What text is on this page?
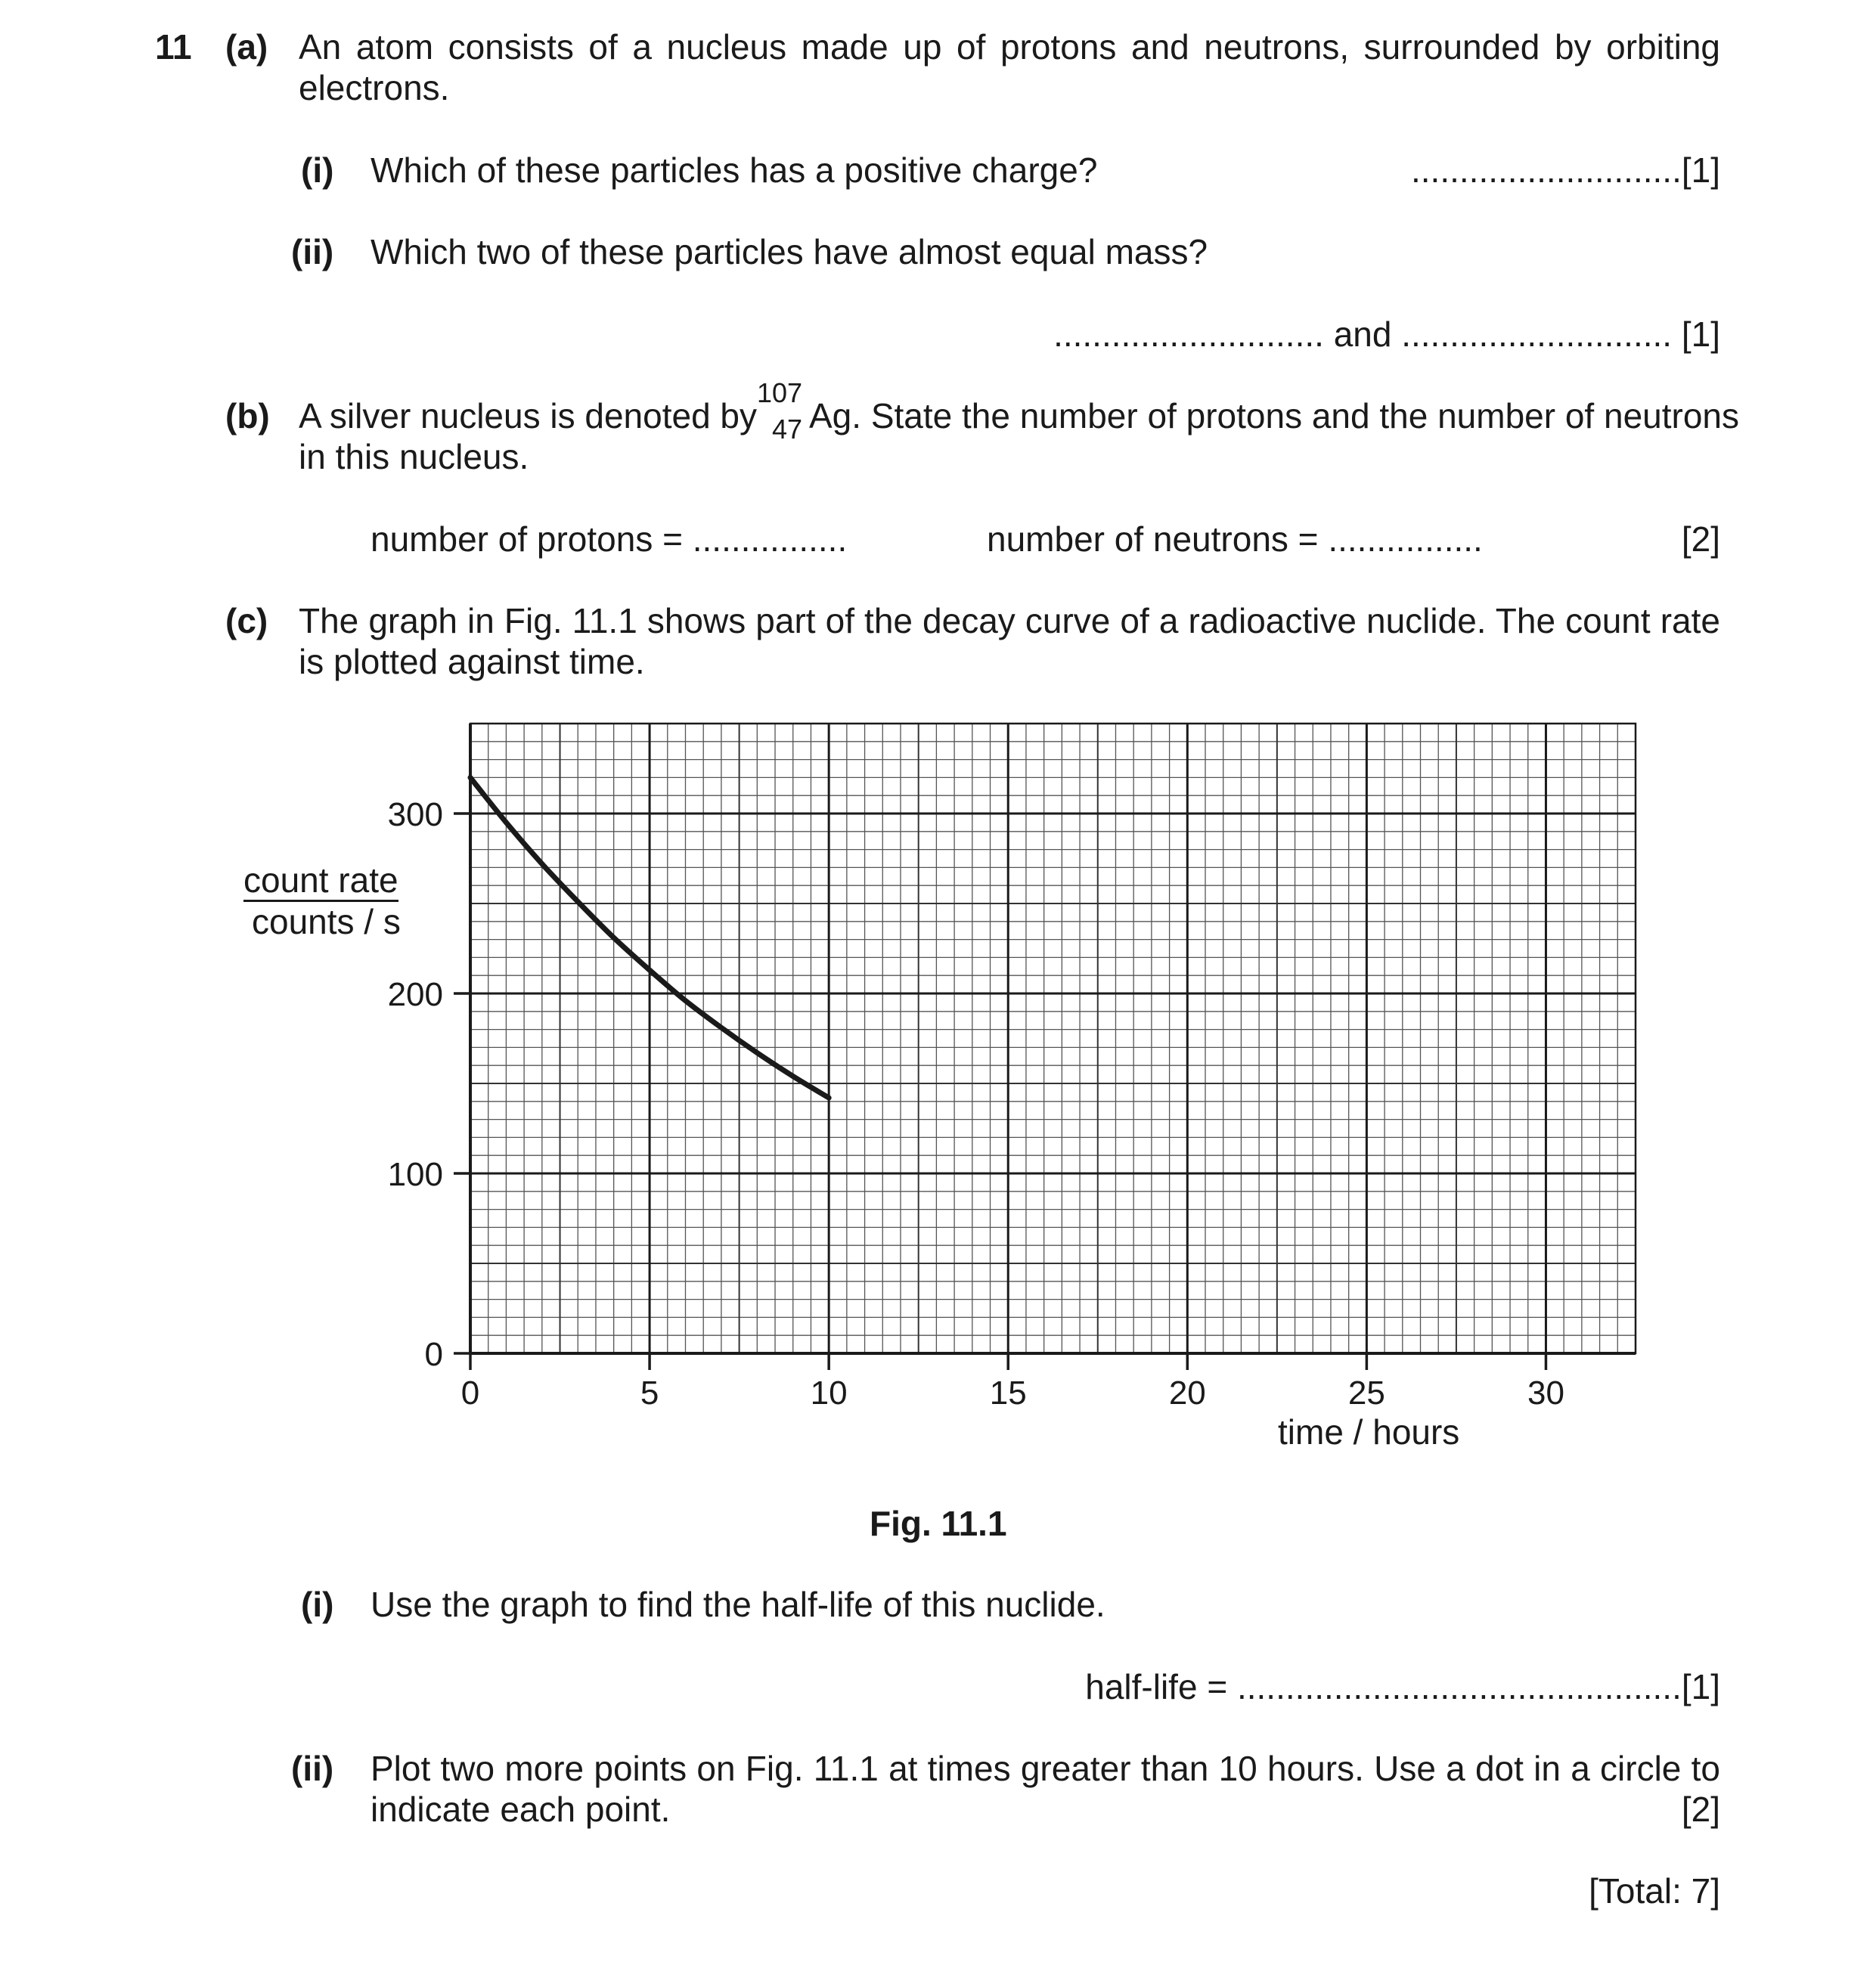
11 (a) An atom consists of a nucleus made up of protons and neutrons, surrounded by orbiting
electrons.
(i) Which of these particles has a positive charge?	............................[1]
(ii) Which two of these particles have almost equal mass?
............................ and ............................ [1]
(b) A silver nucleus is denoted by
107
47 Ag. State the number of protons and the number of neutrons
in this nucleus.
number of protons = ................	number of neutrons = ................	[2]
(c) The graph in Fig. 11.1 shows part of the decay curve of a radioactive nuclide. The count rate
is plotted against time.
0	5	10	15	20	25	30
0
100
200
300
count rate
counts / s
time / hours
Fig. 11.1
(i) Use the graph to find the half-life of this nuclide.
half-life = ..............................................[1]
(ii) Plot two more points on Fig. 11.1 at times greater than 10 hours. Use a dot in a circle to
indicate each point.	[2]
[Total: 7]
